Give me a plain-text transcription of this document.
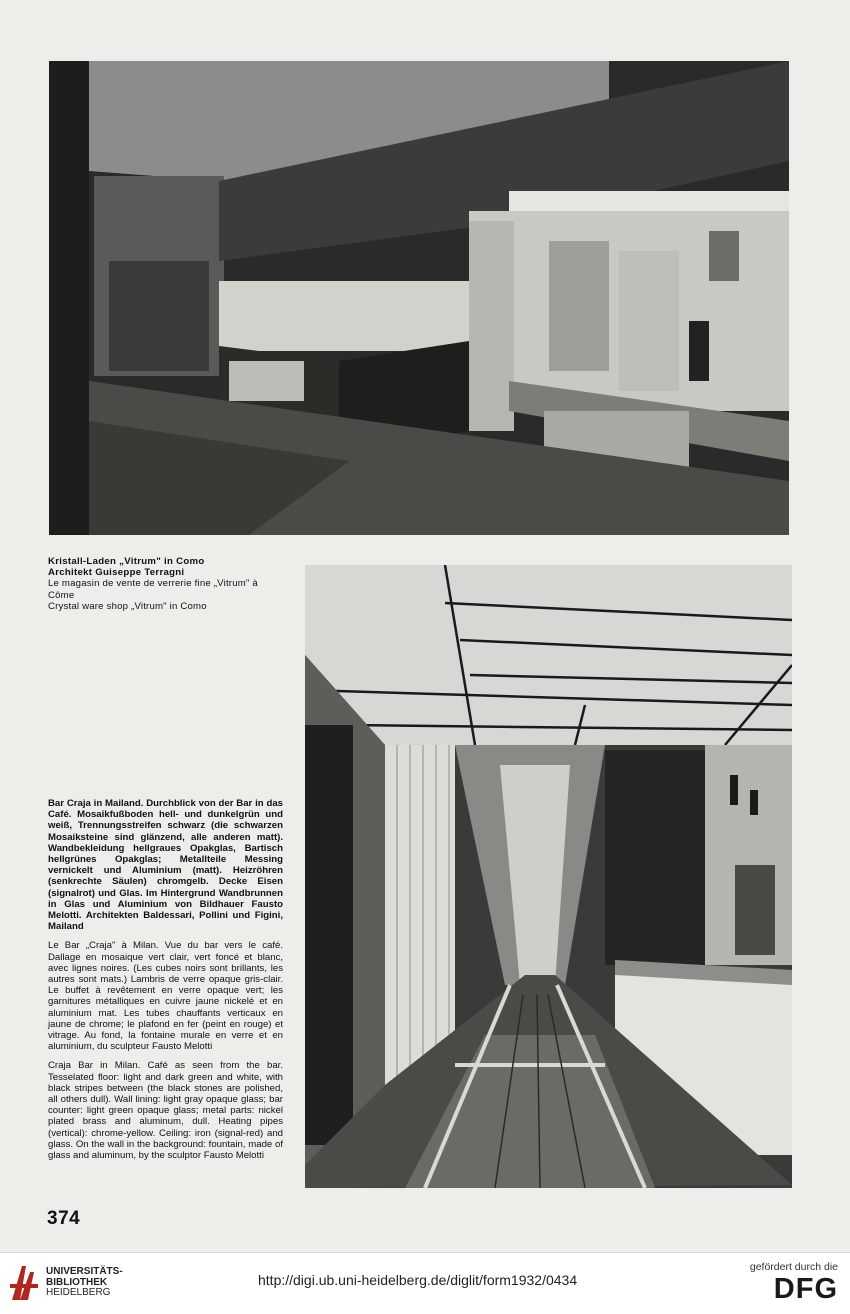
Kristall-Laden „Vitrum" in Como

Architekt Guiseppe Terragni

Le magasin de vente de verrerie fine „Vitrum" à Côme

Crystal ware shop „Vitrum" in Como

Bar Craja in Mailand. Durchblick von der Bar in das Café. Mosaikfußboden hell- und dunkelgrün und weiß, Trennungsstreifen schwarz (die schwarzen Mosaiksteine sind glänzend, alle anderen matt). Wandbekleidung hellgraues Opakglas, Bartisch hellgrünes Opakglas; Metallteile Messing vernickelt und Aluminium (matt). Heizröhren (senkrechte Säulen) chromgelb. Decke Eisen (signalrot) und Glas. Im Hintergrund Wandbrunnen in Glas und Aluminium von Bildhauer Fausto Melotti. Architekten Baldessari, Pollini und Figini, Mailand

Le Bar „Craja" à Milan. Vue du bar vers le café. Dallage en mosaique vert clair, vert foncé et blanc, avec lignes noires. (Les cubes noirs sont brillants, les autres sont mats.) Lambris de verre opaque gris-clair. Le buffet à revêtement en verre opaque vert; les garnitures métalliques en cuivre jaune nickelé et en aluminium mat. Les tubes chauffants verticaux en jaune de chrome; le plafond en fer (peint en rouge) et vitrage. Au fond, la fontaine murale en verre et en aluminium, du sculpteur Fausto Melotti

Craja Bar in Milan. Café as seen from the bar. Tesselated floor: light and dark green and white, with black stripes between (the black stones are polished, all others dull). Wall lining: light gray opaque glass; bar counter: light green opaque glass; metal parts: nickel plated brass and aluminum, dull. Heating pipes (vertical): chrome-yellow. Ceiling: iron (signal-red) and glass. On the wall in the background: fountain, made of glass and aluminum, by the sculptor Fausto Melotti

374
UNIVERSITÄTS-
BIBLIOTHEK
HEIDELBERG
http://digi.ub.uni-heidelberg.de/diglit/form1932/0434
gefördert durch die
DFG
